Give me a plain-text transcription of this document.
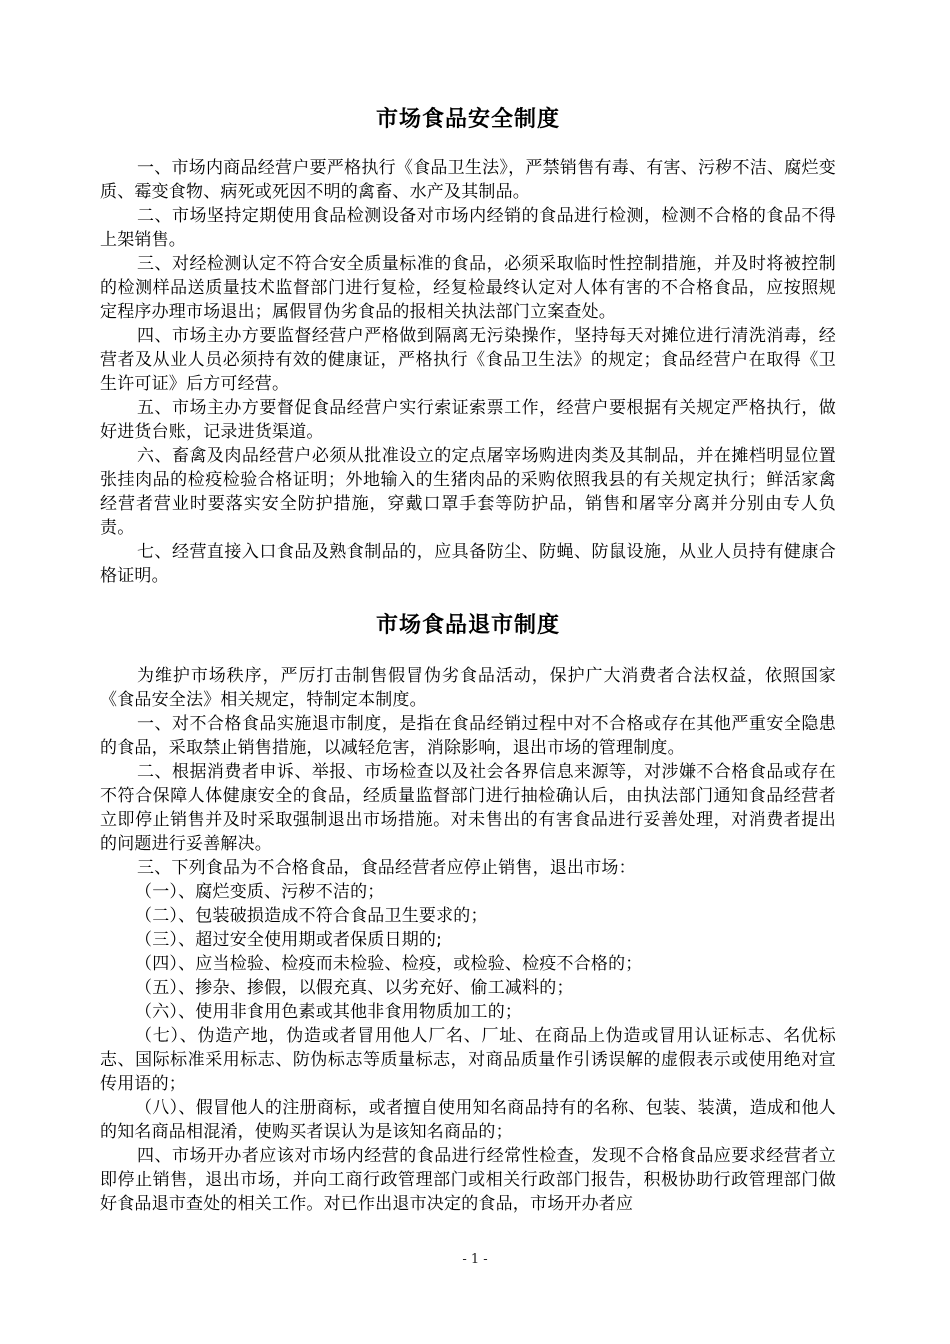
市场食品安全制度

一、市场内商品经营户要严格执行《食品卫生法》，严禁销售有毒、有害、污秽不洁、腐烂变质、霉变食物、病死或死因不明的禽畜、水产及其制品。

二、市场坚持定期使用食品检测设备对市场内经销的食品进行检测，检测不合格的食品不得上架销售。

三、对经检测认定不符合安全质量标准的食品，必须采取临时性控制措施，并及时将被控制的检测样品送质量技术监督部门进行复检，经复检最终认定对人体有害的不合格食品，应按照规定程序办理市场退出；属假冒伪劣食品的报相关执法部门立案查处。

四、市场主办方要监督经营户严格做到隔离无污染操作，坚持每天对摊位进行清洗消毒，经营者及从业人员必须持有效的健康证，严格执行《食品卫生法》的规定；食品经营户在取得《卫生许可证》后方可经营。

五、市场主办方要督促食品经营户实行索证索票工作，经营户要根据有关规定严格执行，做好进货台账，记录进货渠道。

六、畜禽及肉品经营户必须从批准设立的定点屠宰场购进肉类及其制品，并在摊档明显位置张挂肉品的检疫检验合格证明；外地输入的生猪肉品的采购依照我县的有关规定执行；鲜活家禽经营者营业时要落实安全防护措施，穿戴口罩手套等防护品，销售和屠宰分离并分别由专人负责。

七、经营直接入口食品及熟食制品的，应具备防尘、防蝇、防鼠设施，从业人员持有健康合格证明。

市场食品退市制度

为维护市场秩序，严厉打击制售假冒伪劣食品活动，保护广大消费者合法权益，依照国家《食品安全法》相关规定，特制定本制度。

一、对不合格食品实施退市制度，是指在食品经销过程中对不合格或存在其他严重安全隐患的食品，采取禁止销售措施，以减轻危害，消除影响，退出市场的管理制度。

二、根据消费者申诉、举报、市场检查以及社会各界信息来源等，对涉嫌不合格食品或存在不符合保障人体健康安全的食品，经质量监督部门进行抽检确认后，由执法部门通知食品经营者立即停止销售并及时采取强制退出市场措施。对未售出的有害食品进行妥善处理，对消费者提出的问题进行妥善解决。

三、下列食品为不合格食品，食品经营者应停止销售，退出市场：

（一）、腐烂变质、污秽不洁的；

（二）、包装破损造成不符合食品卫生要求的；

（三）、超过安全使用期或者保质日期的;

（四）、应当检验、检疫而未检验、检疫，或检验、检疫不合格的；

（五）、掺杂、掺假，以假充真、以劣充好、偷工减料的；

（六）、使用非食用色素或其他非食用物质加工的；

（七）、伪造产地，伪造或者冒用他人厂名、厂址、在商品上伪造或冒用认证标志、名优标志、国际标准采用标志、防伪标志等质量标志，对商品质量作引诱误解的虚假表示或使用绝对宣传用语的；

（八）、假冒他人的注册商标，或者擅自使用知名商品持有的名称、包装、装潢，造成和他人的知名商品相混淆，使购买者误认为是该知名商品的；

四、市场开办者应该对市场内经营的食品进行经常性检查，发现不合格食品应要求经营者立即停止销售，退出市场，并向工商行政管理部门或相关行政部门报告，积极协助行政管理部门做好食品退市查处的相关工作。对已作出退市决定的食品，市场开办者应

- 1 -
